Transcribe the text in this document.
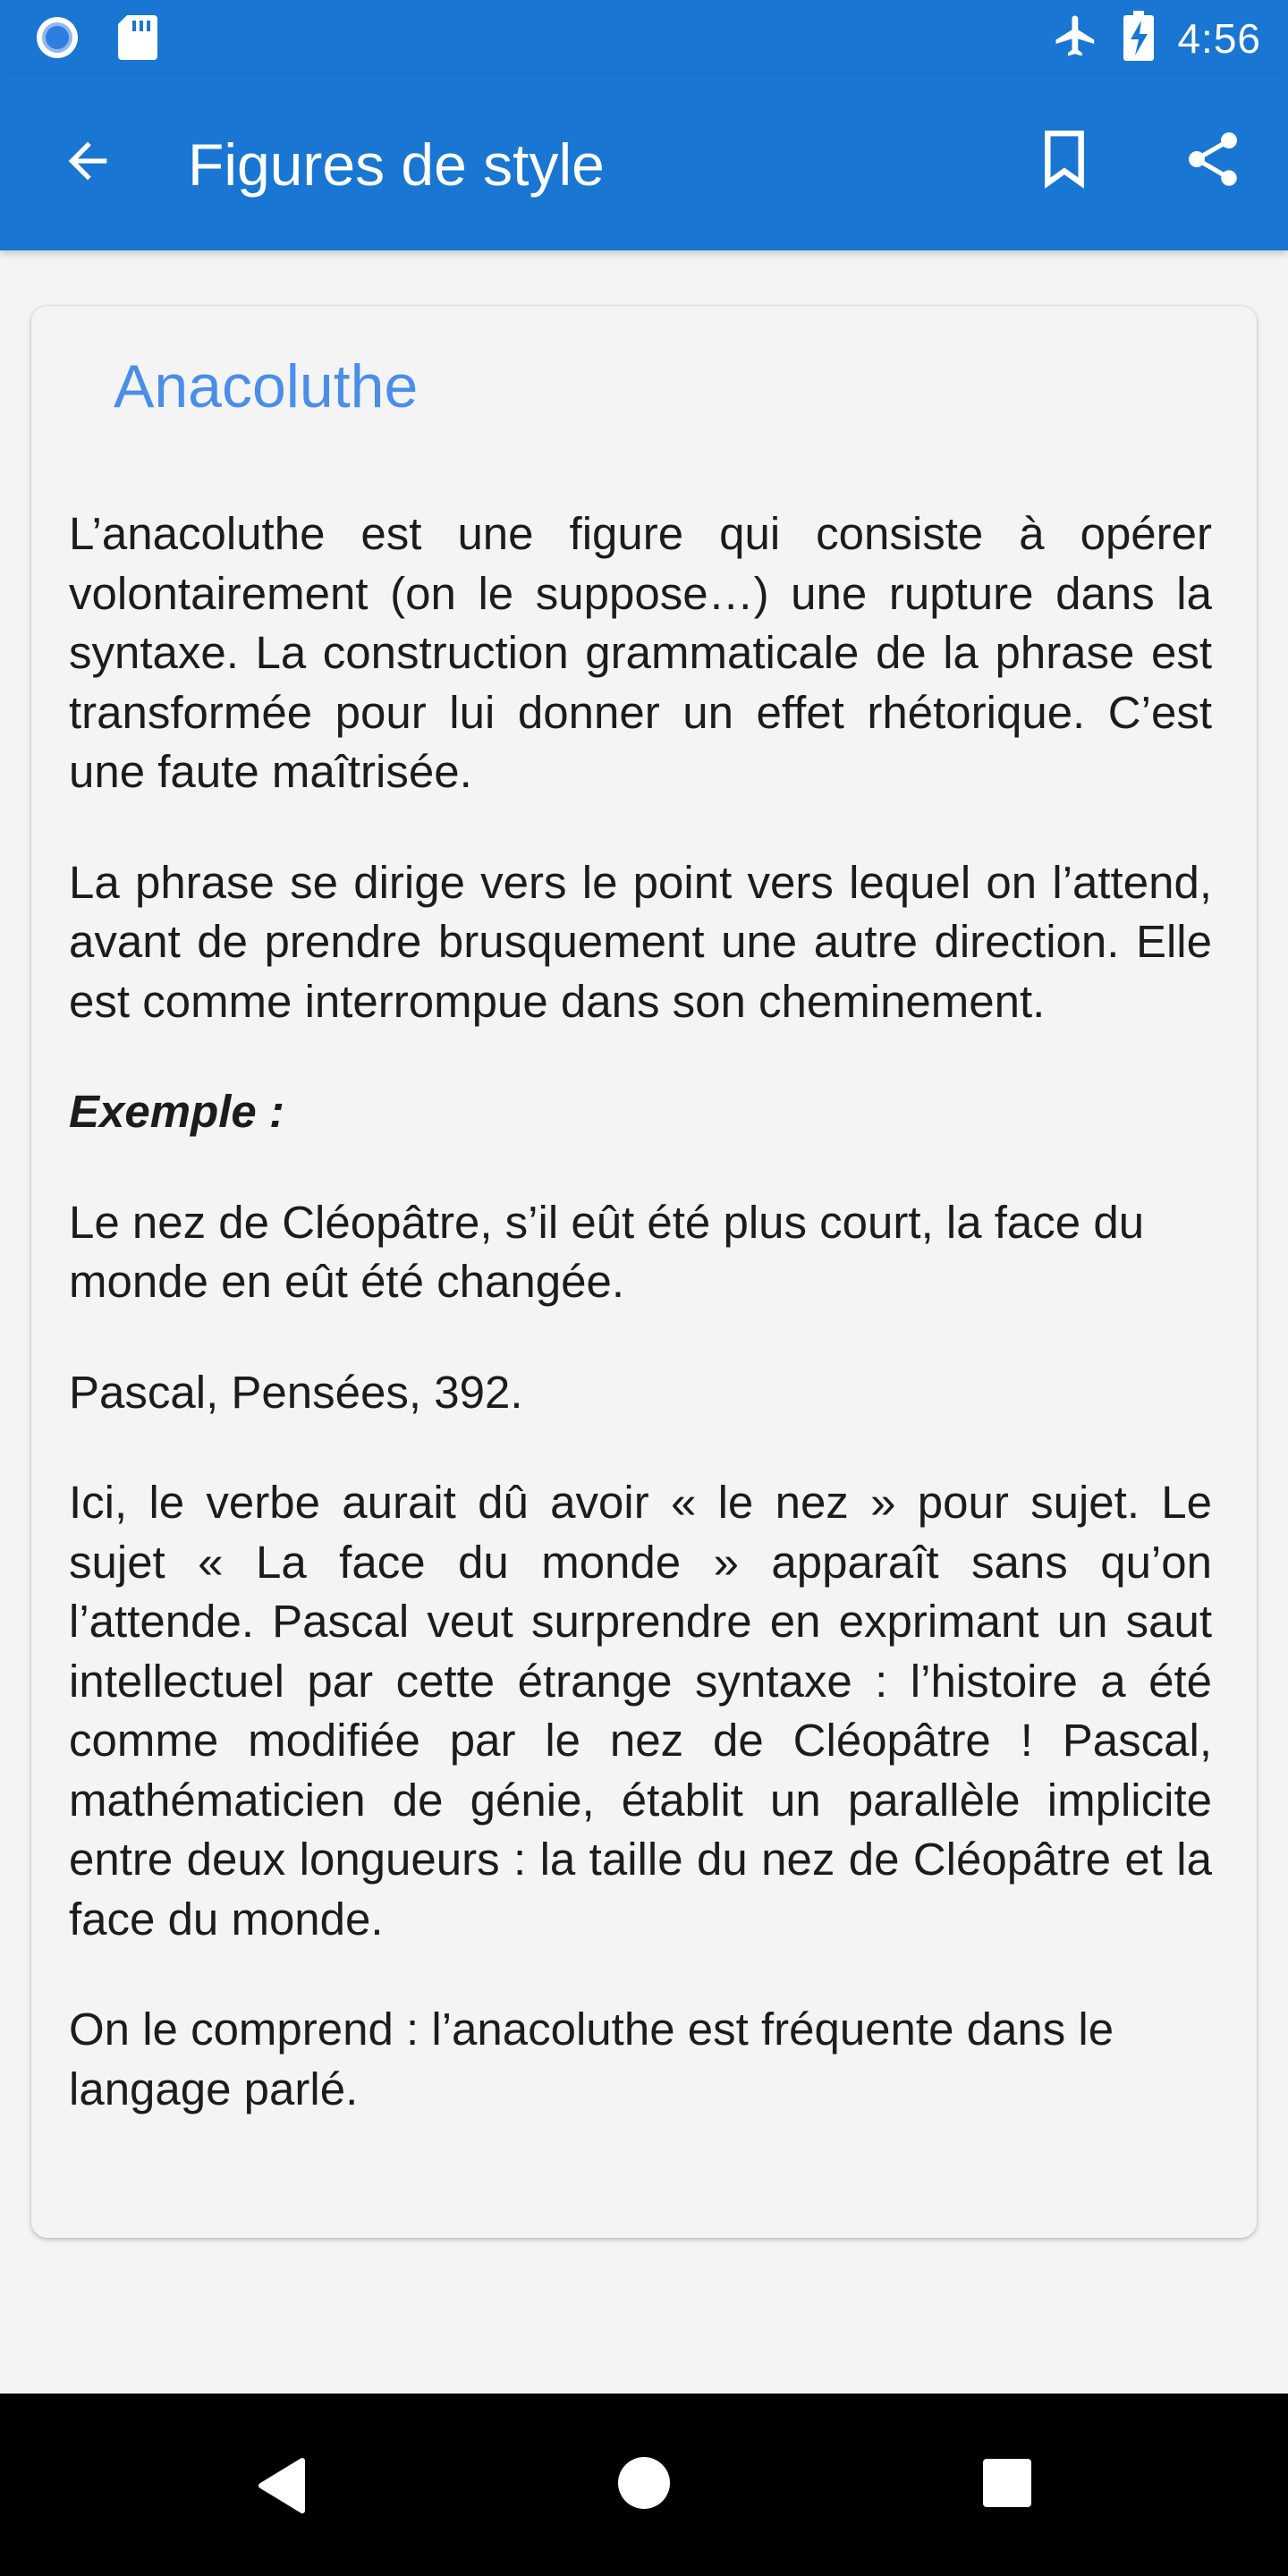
4:56
Figures de style
Anacoluthe

L’anacoluthe est une figure qui consiste à opérer volontairement (on le suppose…) une rupture dans la syntaxe. La construction grammaticale de la phrase est transformée pour lui donner un effet rhétorique. C’est une faute maîtrisée.

La phrase se dirige vers le point vers lequel on l’attend, avant de prendre brusquement une autre direction. Elle est comme interrompue dans son cheminement.

Exemple :

Le nez de Cléopâtre, s’il eût été plus court, la face du monde en eût été changée.

Pascal, Pensées, 392.

Ici, le verbe aurait dû avoir « le nez » pour sujet. Le sujet « La face du monde » apparaît sans qu’on l’attende. Pascal veut surprendre en exprimant un saut intellectuel par cette étrange syntaxe : l’histoire a été comme modifiée par le nez de Cléopâtre ! Pascal, mathématicien de génie, établit un parallèle implicite entre deux longueurs : la taille du nez de Cléopâtre et la face du monde.

On le comprend : l’anacoluthe est fréquente dans le langage parlé.
